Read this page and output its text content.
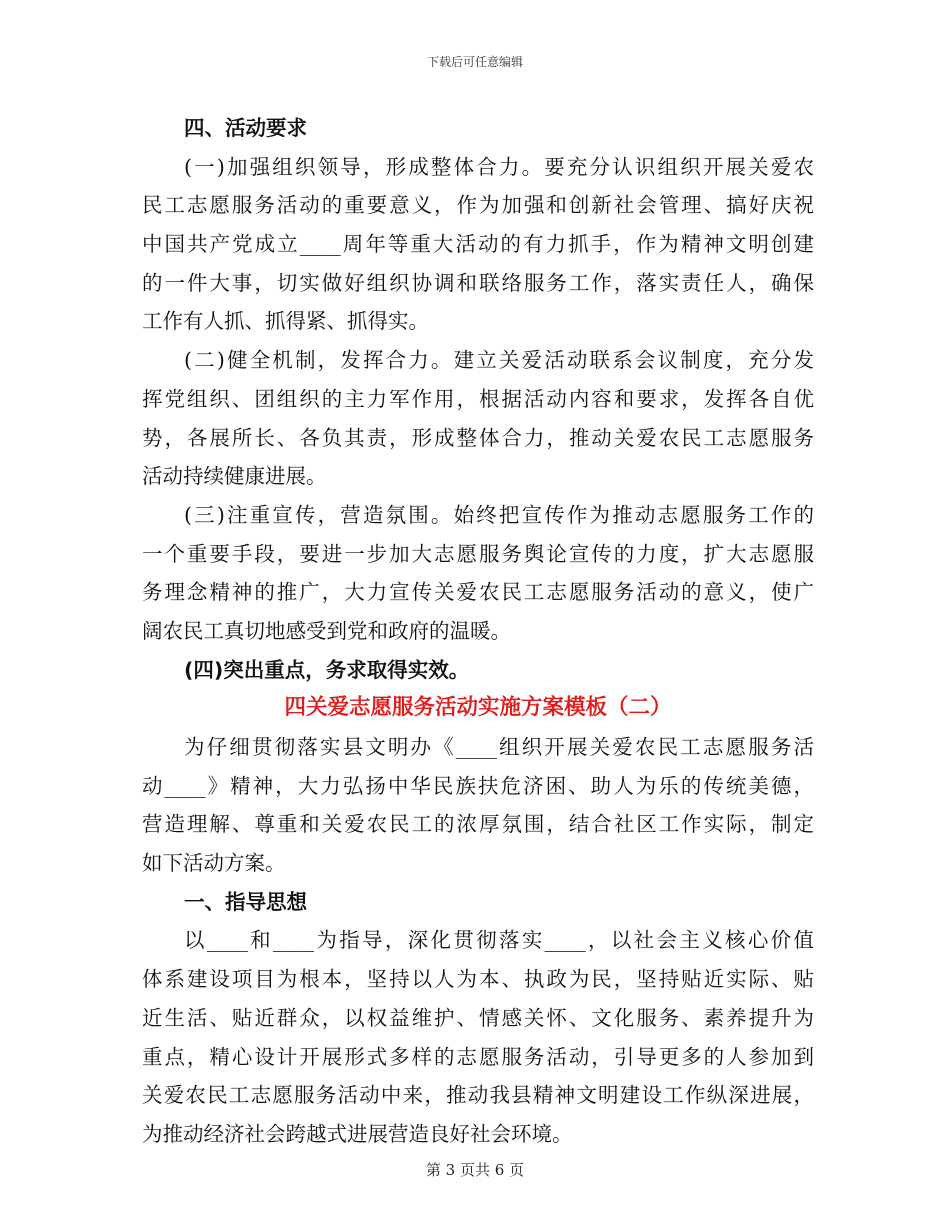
下载后可任意编辑
四、活动要求
(一)加强组织领导，形成整体合力。要充分认识组织开展关爱农
民工志愿服务活动的重要意义，作为加强和创新社会管理、搞好庆祝
中国共产党成立____周年等重大活动的有力抓手，作为精神文明创建
的一件大事，切实做好组织协调和联络服务工作，落实责任人，确保
工作有人抓、抓得紧、抓得实。
(二)健全机制，发挥合力。建立关爱活动联系会议制度，充分发
挥党组织、团组织的主力军作用，根据活动内容和要求，发挥各自优
势，各展所长、各负其责，形成整体合力，推动关爱农民工志愿服务
活动持续健康进展。
(三)注重宣传，营造氛围。始终把宣传作为推动志愿服务工作的
一个重要手段，要进一步加大志愿服务舆论宣传的力度，扩大志愿服
务理念精神的推广，大力宣传关爱农民工志愿服务活动的意义，使广
阔农民工真切地感受到党和政府的温暖。
(四)突出重点，务求取得实效。
四关爱志愿服务活动实施方案模板（二）
为仔细贯彻落实县文明办《____组织开展关爱农民工志愿服务活
动____》精神，大力弘扬中华民族扶危济困、助人为乐的传统美德，
营造理解、尊重和关爱农民工的浓厚氛围，结合社区工作实际，制定
如下活动方案。
一、指导思想
以____和____为指导，深化贯彻落实____，以社会主义核心价值
体系建设项目为根本，坚持以人为本、执政为民，坚持贴近实际、贴
近生活、贴近群众，以权益维护、情感关怀、文化服务、素养提升为
重点，精心设计开展形式多样的志愿服务活动，引导更多的人参加到
关爱农民工志愿服务活动中来，推动我县精神文明建设工作纵深进展，
为推动经济社会跨越式进展营造良好社会环境。
第 3 页共 6 页
